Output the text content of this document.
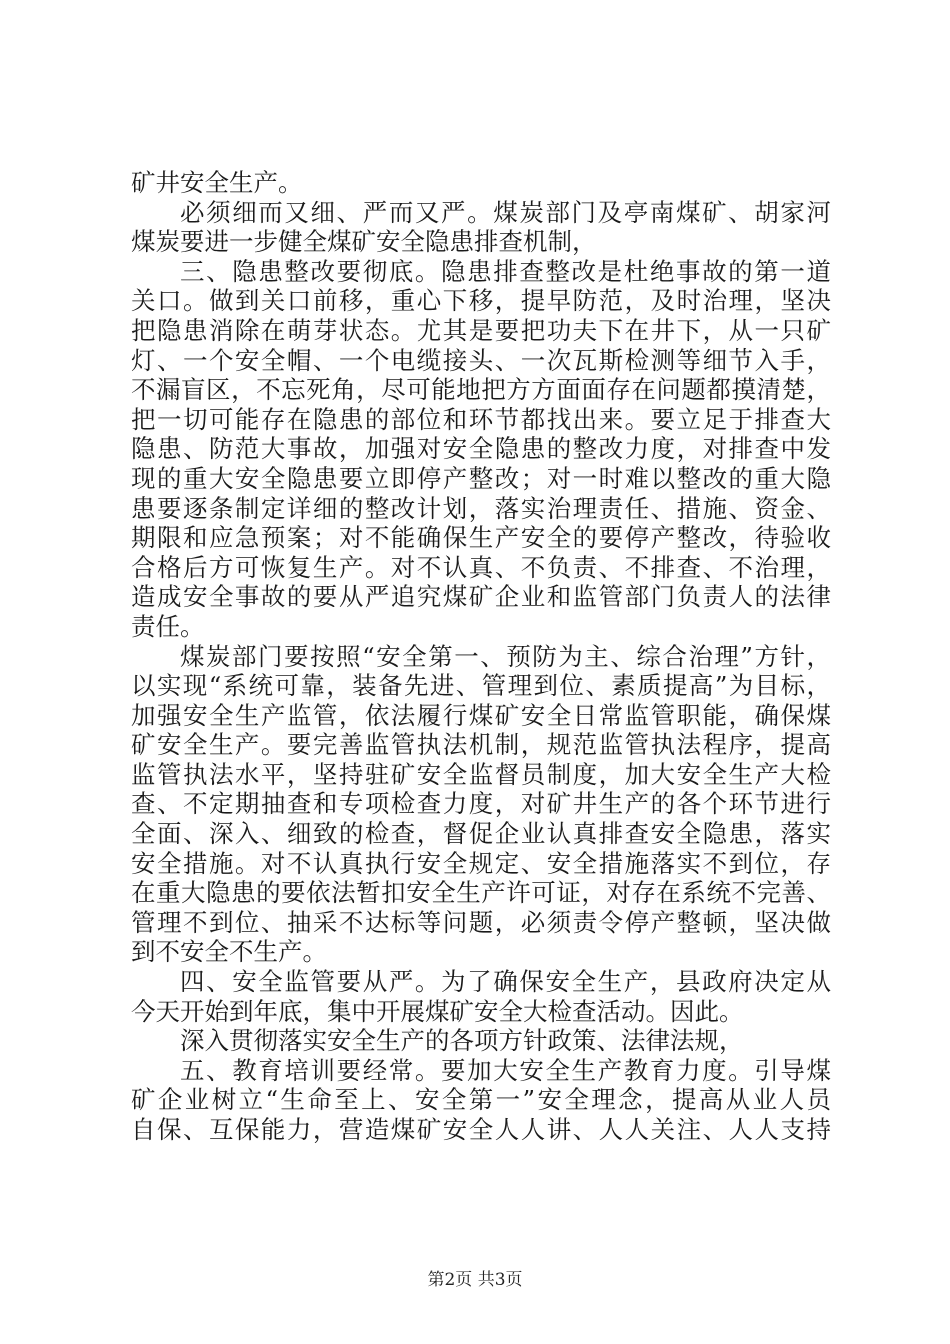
矿井安全生产。
必须细而又细、严而又严。煤炭部门及亭南煤矿、胡家河
煤炭要进一步健全煤矿安全隐患排查机制，
三、隐患整改要彻底。隐患排查整改是杜绝事故的第一道
关口。做到关口前移，重心下移，提早防范，及时治理，坚决
把隐患消除在萌芽状态。尤其是要把功夫下在井下，从一只矿
灯、一个安全帽、一个电缆接头、一次瓦斯检测等细节入手，
不漏盲区，不忘死角，尽可能地把方方面面存在问题都摸清楚，
把一切可能存在隐患的部位和环节都找出来。要立足于排查大
隐患、防范大事故，加强对安全隐患的整改力度，对排查中发
现的重大安全隐患要立即停产整改；对一时难以整改的重大隐
患要逐条制定详细的整改计划，落实治理责任、措施、资金、
期限和应急预案；对不能确保生产安全的要停产整改，待验收
合格后方可恢复生产。对不认真、不负责、不排查、不治理，
造成安全事故的要从严追究煤矿企业和监管部门负责人的法律
责任。
煤炭部门要按照“安全第一、预防为主、综合治理”方针，
以实现“系统可靠，装备先进、管理到位、素质提高”为目标，
加强安全生产监管，依法履行煤矿安全日常监管职能，确保煤
矿安全生产。要完善监管执法机制，规范监管执法程序，提高
监管执法水平，坚持驻矿安全监督员制度，加大安全生产大检
查、不定期抽查和专项检查力度，对矿井生产的各个环节进行
全面、深入、细致的检查，督促企业认真排查安全隐患，落实
安全措施。对不认真执行安全规定、安全措施落实不到位，存
在重大隐患的要依法暂扣安全生产许可证，对存在系统不完善、
管理不到位、抽采不达标等问题，必须责令停产整顿，坚决做
到不安全不生产。
四、安全监管要从严。为了确保安全生产，县政府决定从
今天开始到年底，集中开展煤矿安全大检查活动。因此。
深入贯彻落实安全生产的各项方针政策、法律法规，
五、教育培训要经常。要加大安全生产教育力度。引导煤
矿企业树立“生命至上、安全第一”安全理念，提高从业人员
自保、互保能力，营造煤矿安全人人讲、人人关注、人人支持
第2页 共3页
